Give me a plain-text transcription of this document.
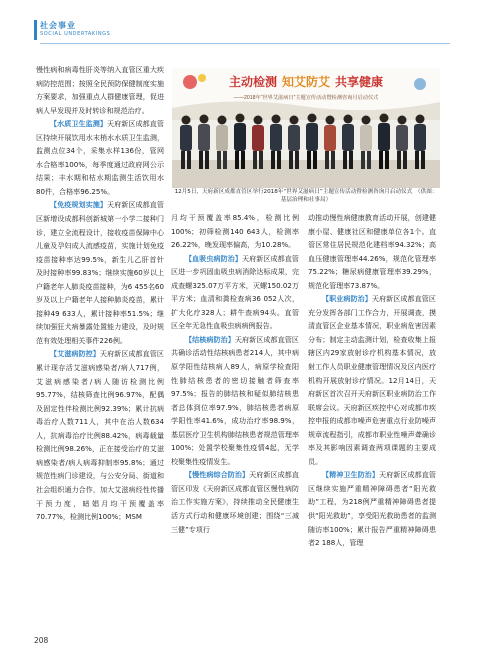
社会事业
SOCIAL UNDERTAKINGS

慢性病和病毒性肝炎等纳入直管区重大疾病防控范围；按照全民预防保健制度实施方案要求，加强重点人群健康管理，促进病人早发现并及时转诊和规范治疗。

【水质卫生监测】天府新区成都直管区持续开展饮用水末梢水水质卫生监测，监测点位34个，采集水样136份，管网水合格率100%，每季度通过政府网公示结果；丰水期和枯水期监测生活饮用水80件，合格率96.25%。

【免疫规划实施】天府新区成都直管区新增设成都科创新城第一小学二接种门诊，建立全流程设计，接收疫苗保障中心儿童及孕妇成人流感疫苗，实施计划免疫疫苗接种率达99.5%，新生儿乙肝首针及时接种率99.83%；继续实施60岁以上户籍老年人肺炎疫苗接种，为6 455名60岁及以上户籍老年人接种肺炎疫苗，累计接种49 633人，累计接种率51.5%；继续加强狂犬病暴露处置能力建设，及时规范有效处理相关事件226例。

【艾滋病防控】天府新区成都直管区累计现存活艾滋病感染者/病人717例，艾滋病感染者/病人随访检测比例95.77%，结核筛查比例96.97%，配偶及固定性伴检测比例92.39%；累计抗病毒治疗人数711人，其中在治人数634人，抗病毒治疗比例88.42%，病毒载量检测比例98.26%，正在接受治疗的艾滋病感染者/病人病毒抑制率95.8%；通过规范性病门诊建设，与公安分局、街道和社会组织通力合作，加大艾滋病经性传播干预力度，暗娼月均干预覆盖率70.77%，检测比例100%；MSM

主动检测 知艾防艾 共享健康
——2018年“世界艾滋病日”主题宣传活动暨检测咨询月启动仪式
12月5日，天府新区成都直管区举行2018年“世界艾滋病日”主题宣传活动暨检测咨询月启动仪式　（供图：基层治理和社事局）

月均干预覆盖率85.4%，检测比例100%；初筛检测140 643人，检测率26.22%，晚发现率偏高，为10.28%。

【血吸虫病防治】天府新区成都直管区进一步巩固血吸虫病消除达标成果，完成查螺325.07万平方米，灭螺150.02万平方米；血清和粪检查病36 052人次，扩大化疗328人；耕牛查病94头。直管区全年无急性血吸虫病病例报告。

【结核病防治】天府新区成都直管区共确诊活动性结核病患者214人，其中病原学阳性结核病人89人，病原学检查阳性肺结核患者的密切接触者筛查率97.5%；报告的肺结核和疑似肺结核患者总体到位率97.9%，肺结核患者病原学阳性率41.6%，成功治疗率98.9%，基层医疗卫生机构肺结核患者规范管理率100%；处置学校聚集性疫情4起，无学校聚集性疫情发生。

【慢性病综合防治】天府新区成都直管区印发《天府新区成都直管区慢性病防治工作实施方案》，持续推动全民健康生活方式行动和健康环境创建；围绕“三减三健”专项行

动推动慢性病健康教育活动开展，创建健康小屋、健康社区和健康单位各1个。直管区常住居民规范化建档率94.32%；高血压健康管理率44.26%，规范化管理率75.22%；糖尿病健康管理率39.29%，规范化管理率73.87%。

【职业病防治】天府新区成都直管区充分发挥各部门工作合力，开展调查，摸清直管区企业基本情况，职业病危害因素分布；制定主动监测计划，检查收集上报辖区内29家放射诊疗机构基本情况，放射工作人员职业健康管理情况及区内医疗机构开展放射诊疗情况。12月14日，天府新区首次召开天府新区职业病防治工作联席会议。天府新区疾控中心对成都市疾控申报的成都市噪声危害重点行业防噪声规章流程指引，成都市职业性噪声聋确诊率及其影响因素调查两项课题的主要成员。

【精神卫生防治】天府新区成都直管区继续实施严重精神障碍患者“阳光救助”工程，为218例严重精神障碍患者提供“阳光救助”，享受阳光救助患者的监测随访率100%；累计报告严重精神障碍患者2 188人，管理

208
